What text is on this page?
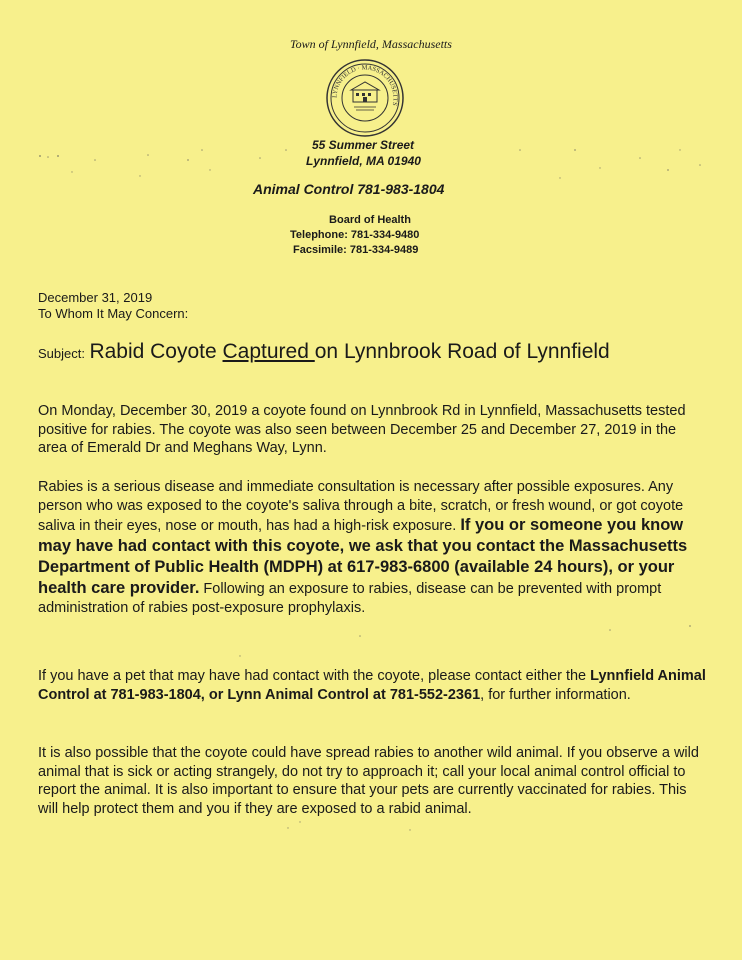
Town of Lynnfield, Massachusetts
LYNNFIELD · MASSACHUSETTS
55 Summer Street
Lynnfield, MA 01940
Animal Control 781-983-1804
Board of Health
Telephone: 781-334-9480
Facsimile: 781-334-9489
December 31, 2019
To Whom It May Concern:
Subject: Rabid Coyote Captured on Lynnbrook Road of Lynnfield
On Monday, December 30, 2019 a coyote found on Lynnbrook Rd in Lynnfield, Massachusetts tested positive for rabies. The coyote was also seen between December 25 and December 27, 2019 in the area of Emerald Dr and Meghans Way, Lynn.
Rabies is a serious disease and immediate consultation is necessary after possible exposures. Any person who was exposed to the coyote's saliva through a bite, scratch, or fresh wound, or got coyote saliva in their eyes, nose or mouth, has had a high-risk exposure. If you or someone you know may have had contact with this coyote, we ask that you contact the Massachusetts Department of Public Health (MDPH) at 617-983-6800 (available 24 hours), or your health care provider. Following an exposure to rabies, disease can be prevented with prompt administration of rabies post-exposure prophylaxis.
If you have a pet that may have had contact with the coyote, please contact either the Lynnfield Animal Control at 781-983-1804, or Lynn Animal Control at 781-552-2361, for further information.
It is also possible that the coyote could have spread rabies to another wild animal. If you observe a wild animal that is sick or acting strangely, do not try to approach it; call your local animal control official to report the animal. It is also important to ensure that your pets are currently vaccinated for rabies. This will help protect them and you if they are exposed to a rabid animal.
